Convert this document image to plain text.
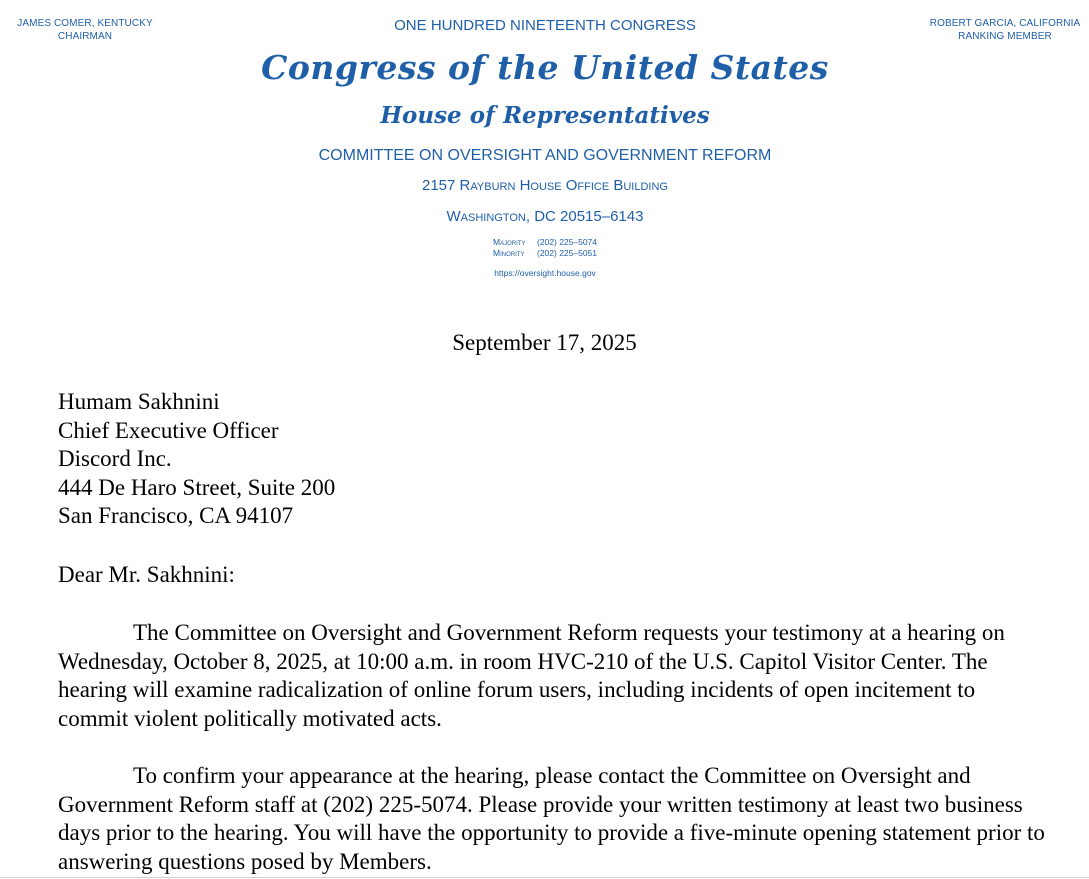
JAMES COMER, KENTUCKY
CHAIRMAN
ROBERT GARCIA, CALIFORNIA
RANKING MEMBER
ONE HUNDRED NINETEENTH CONGRESS
Congress of the United States
House of Representatives
COMMITTEE ON OVERSIGHT AND GOVERNMENT REFORM
2157 Rayburn House Office Building
Washington, DC 20515–6143
Majority (202) 225–5074
Minority (202) 225–5051
https://oversight.house.gov
September 17, 2025
Humam Sakhnini
Chief Executive Officer
Discord Inc.
444 De Haro Street, Suite 200
San Francisco, CA 94107
Dear Mr. Sakhnini:

The Committee on Oversight and Government Reform requests your testimony at a hearing on Wednesday, October 8, 2025, at 10:00 a.m. in room HVC-210 of the U.S. Capitol Visitor Center. The hearing will examine radicalization of online forum users, including incidents of open incitement to commit violent politically motivated acts.

To confirm your appearance at the hearing, please contact the Committee on Oversight and Government Reform staff at (202) 225-5074. Please provide your written testimony at least two business days prior to the hearing. You will have the opportunity to provide a five-minute opening statement prior to answering questions posed by Members.
